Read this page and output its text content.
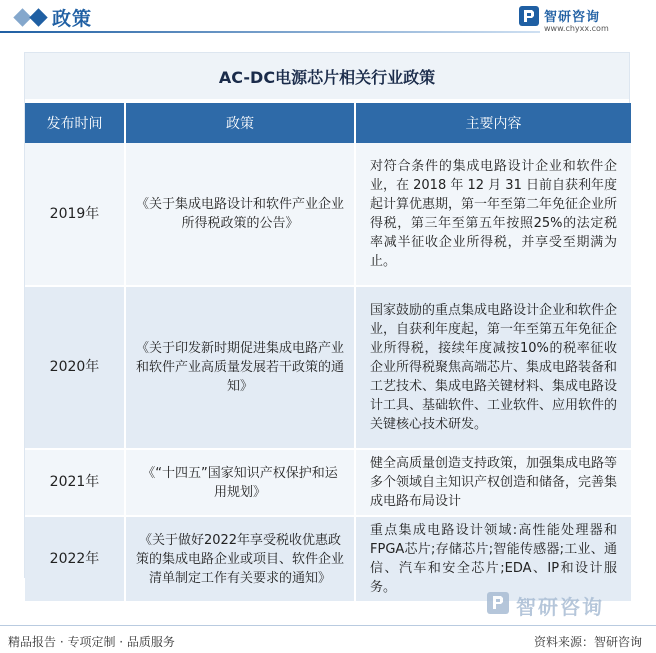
政策	智研咨询
www.chyxx.com
AC-DC电源芯片相关行业政策
发布时间	政策	主要内容
2019年	《关于集成电路设计和软件产业企业所得税政策的公告》	对符合条件的集成电路设计企业和软件企业，在 2018 年 12 月 31 日前自获利年度起计算优惠期，第一年至第二年免征企业所得税，第三年至第五年按照25%的法定税率减半征收企业所得税，并享受至期满为止。
2020年	《关于印发新时期促进集成电路产业和软件产业高质量发展若干政策的通知》	国家鼓励的重点集成电路设计企业和软件企业，自获利年度起，第一年至第五年免征企业所得税，接续年度减按10%的税率征收企业所得税聚焦高端芯片、集成电路装备和工艺技术、集成电路关键材料、集成电路设计工具、基础软件、工业软件、应用软件的关键核心技术研发。
2021年	《“十四五”国家知识产权保护和运用规划》	健全高质量创造支持政策，加强集成电路等多个领域自主知识产权创造和储备，完善集成电路布局设计
2022年	《关于做好2022年享受税收优惠政策的集成电路企业或项目、软件企业清单制定工作有关要求的通知》	重点集成电路设计领域:高性能处理器和FPGA芯片;存储芯片;智能传感器;工业、通信、汽车和安全芯片;EDA、IP和设计服务。
智研咨询
精品报告 · 专项定制 · 品质服务	资料来源：智研咨询
